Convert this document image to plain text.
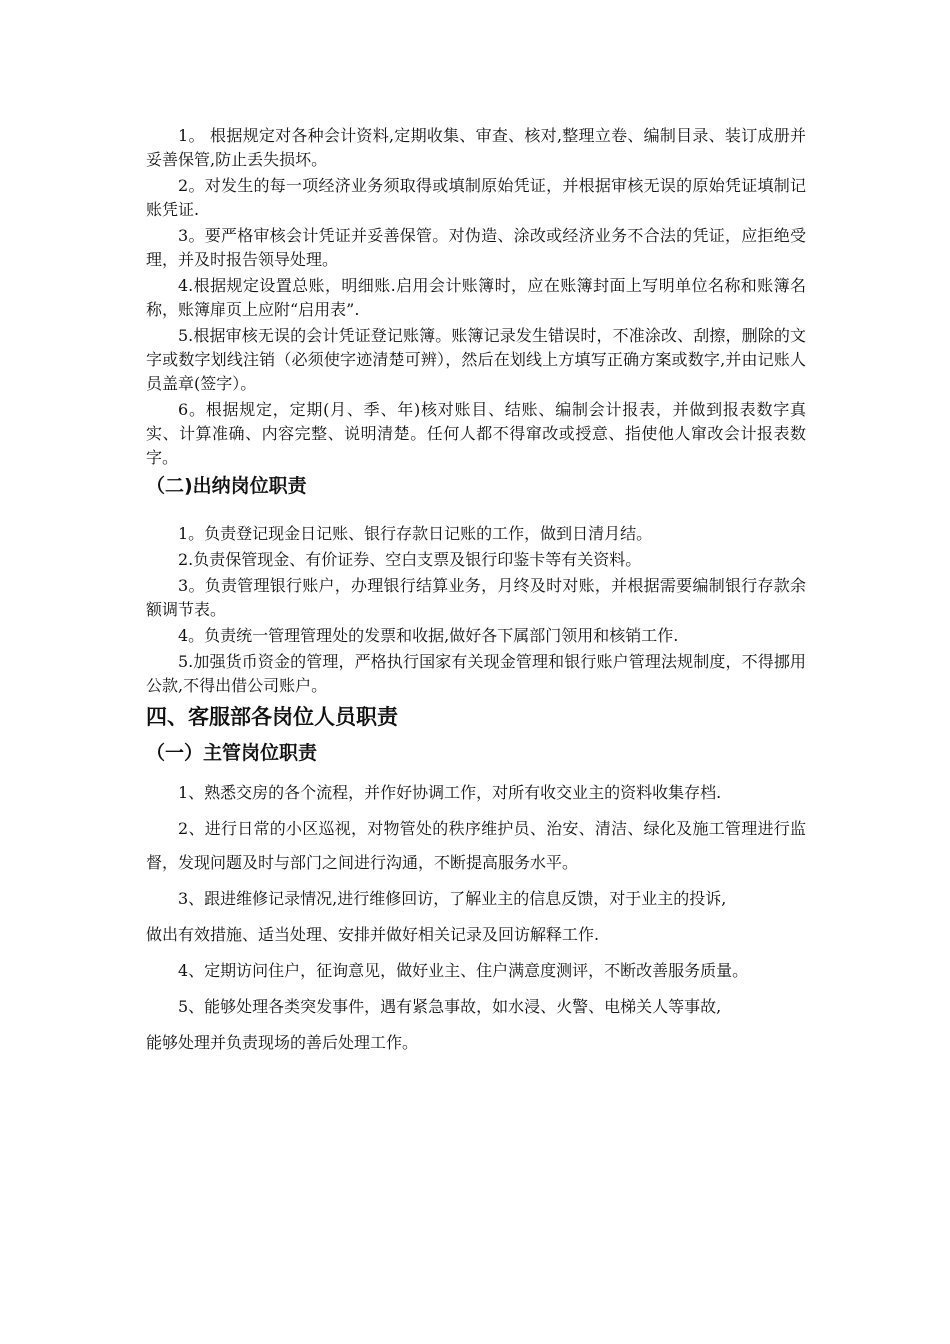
1。 根据规定对各种会计资料,定期收集、审查、核对,整理立卷、编制目录、装订成册并妥善保管,防止丢失损坏。

2。对发生的每一项经济业务须取得或填制原始凭证，并根据审核无误的原始凭证填制记账凭证.

3。要严格审核会计凭证并妥善保管。对伪造、涂改或经济业务不合法的凭证，应拒绝受理，并及时报告领导处理。

4.根据规定设置总账，明细账.启用会计账簿时，应在账簿封面上写明单位名称和账簿名称，账簿扉页上应附“启用表”.

5.根据审核无误的会计凭证登记账簿。账簿记录发生错误时，不准涂改、刮擦，删除的文字或数字划线注销（必须使字迹清楚可辨），然后在划线上方填写正确方案或数字,并由记账人员盖章(签字）。

6。根据规定，定期(月、季、年)核对账目、结账、编制会计报表，并做到报表数字真实、计算准确、内容完整、说明清楚。任何人都不得窜改或授意、指使他人窜改会计报表数字。

（二)出纳岗位职责

1。负责登记现金日记账、银行存款日记账的工作，做到日清月结。

2.负责保管现金、有价证券、空白支票及银行印鉴卡等有关资料。

3。负责管理银行账户，办理银行结算业务，月终及时对账，并根据需要编制银行存款余额调节表。

4。负责统一管理管理处的发票和收据,做好各下属部门领用和核销工作.

5.加强货币资金的管理，严格执行国家有关现金管理和银行账户管理法规制度，不得挪用公款,不得出借公司账户。

四、客服部各岗位人员职责
（一）主管岗位职责

1、熟悉交房的各个流程，并作好协调工作，对所有收交业主的资料收集存档.

2、进行日常的小区巡视，对物管处的秩序维护员、治安、清洁、绿化及施工管理进行监督，发现问题及时与部门之间进行沟通，不断提高服务水平。

3、跟进维修记录情况,进行维修回访，了解业主的信息反馈，对于业主的投诉,

做出有效措施、适当处理、安排并做好相关记录及回访解释工作.

4、定期访问住户，征询意见，做好业主、住户满意度测评，不断改善服务质量。

5、能够处理各类突发事件，遇有紧急事故，如水浸、火警、电梯关人等事故,

能够处理并负责现场的善后处理工作。
